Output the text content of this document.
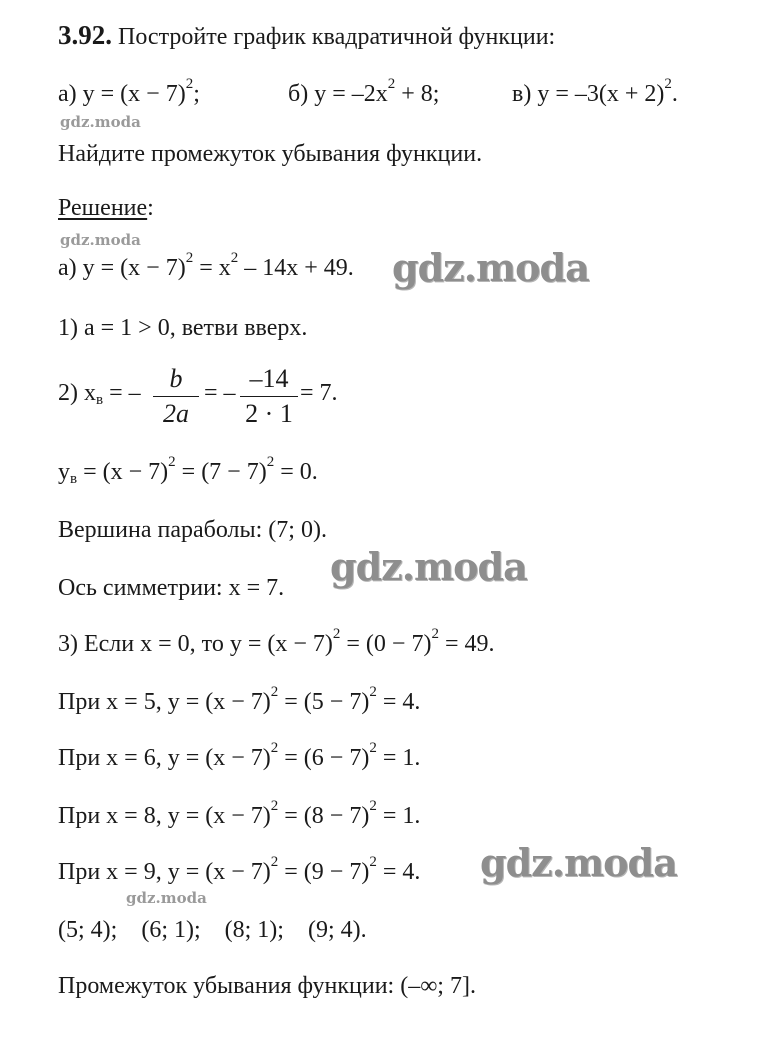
3.92. Постройте график квадратичной функции:
а) $y = (x - 7)^2$;	б) $y = -2x^2 + 8$;	в) $y = -3(x + 2)^2$.
Найдите промежуток убывания функции.
Решение:
а) $y = (x - 7)^2 = x^2 - 14x + 49$.
1) a = 1 > 0, ветви вверх.
2) $x_в$ = –	b
2a
= – –14
2 · 1
= 7.
$y_в = (x - 7)^2 = (7 - 7)^2 = 0$.
Вершина параболы: (7; 0).
Ось симметрии: x = 7.
3) Если x = 0, то $y = (x - 7)^2 = (0 - 7)^2 = 49$.
При x = 5, $y = (x - 7)^2 = (5 - 7)^2 = 4$.
При x = 6, $y = (x - 7)^2 = (6 - 7)^2 = 1$.
При x = 8, $y = (x - 7)^2 = (8 - 7)^2 = 1$.
При x = 9, $y = (x - 7)^2 = (9 - 7)^2 = 4$.
(5; 4);    (6; 1);    (8; 1);    (9; 4).
Промежуток убывания функции: (–∞; 7].
gdz.moda
gdz.moda
gdz.moda
gdz.moda
gdz.moda
gdz.moda
